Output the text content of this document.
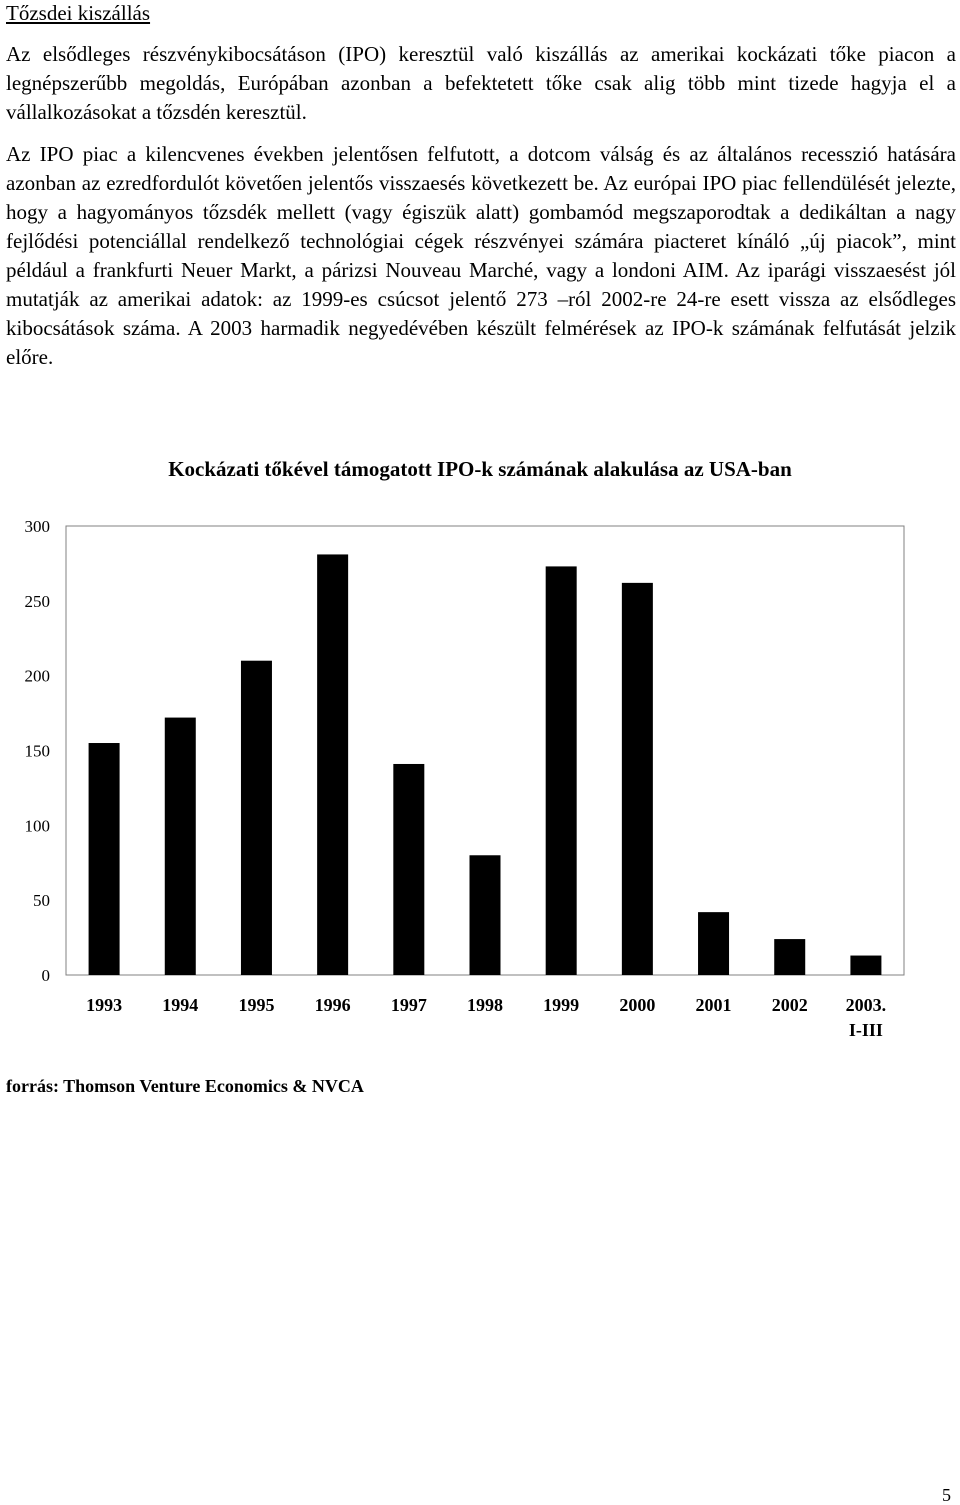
Tőzsdei kiszállás

Az elsődleges részvénykibocsátáson (IPO) keresztül való kiszállás az amerikai kockázati tőke piacon a legnépszerűbb megoldás, Európában azonban a befektetett tőke csak alig több mint tizede hagyja el a vállalkozásokat a tőzsdén keresztül.

Az IPO piac a kilencvenes években jelentősen felfutott, a dotcom válság és az általános recesszió hatására azonban az ezredfordulót követően jelentős visszaesés következett be. Az európai IPO piac fellendülését jelezte, hogy a hagyományos tőzsdék mellett (vagy égiszük alatt) gombamód megszaporodtak a dedikáltan a nagy fejlődési potenciállal rendelkező technológiai cégek részvényei számára piacteret kínáló „új piacok”, mint például a frankfurti Neuer Markt, a párizsi Nouveau Marché, vagy a londoni AIM. Az iparági visszaesést jól mutatják az amerikai adatok: az 1999-es csúcsot jelentő 273 –ról 2002-re 24-re esett vissza az elsődleges kibocsátások száma. A 2003 harmadik negyedévében készült felmérések az IPO-k számának felfutását jelzik előre.

Kockázati tőkével támogatott IPO-k számának alakulása az USA-ban
0
50
100
150
200
250
300
1993 1994 1995 1996 1997 1998 1999 2000 2001 2002 2003. I-III
forrás: Thomson Venture Economics & NVCA
5
